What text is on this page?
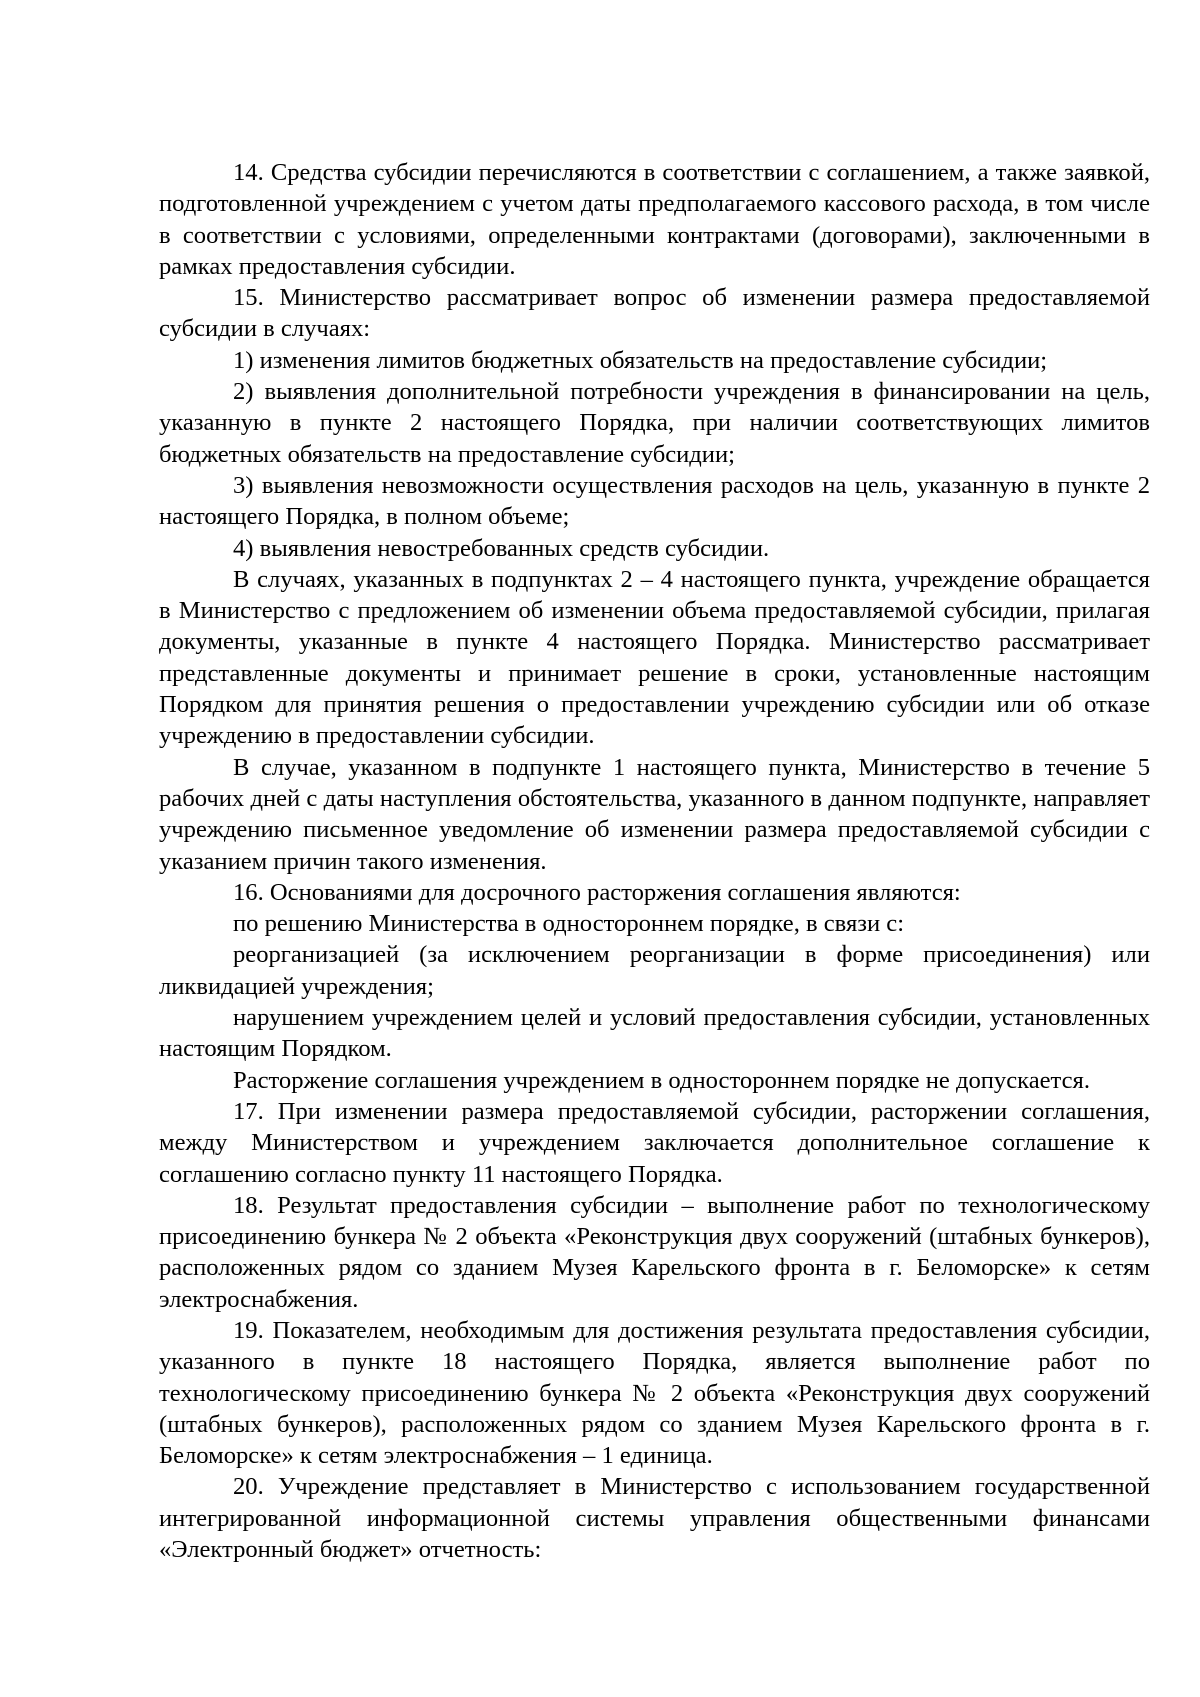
14. Средства субсидии перечисляются в соответствии с соглашением, а также заявкой, подготовленной учреждением с учетом даты предполагаемого кассового расхода, в том числе в соответствии с условиями, определенными контрактами (договорами), заключенными в рамках предоставления субсидии.

15. Министерство рассматривает вопрос об изменении размера предоставляемой субсидии в случаях:

1) изменения лимитов бюджетных обязательств на предоставление субсидии;

2) выявления дополнительной потребности учреждения в финансировании на цель, указанную в пункте 2 настоящего Порядка, при наличии соответствующих лимитов бюджетных обязательств на предоставление субсидии;

3) выявления невозможности осуществления расходов на цель, указанную в пункте 2 настоящего Порядка, в полном объеме;

4) выявления невостребованных средств субсидии.

В случаях, указанных в подпунктах 2 – 4 настоящего пункта, учреждение обращается в Министерство с предложением об изменении объема предоставляемой субсидии, прилагая документы, указанные в пункте 4 настоящего Порядка. Министерство рассматривает представленные документы и принимает решение в сроки, установленные настоящим Порядком для принятия решения о предоставлении учреждению субсидии или об отказе учреждению в предоставлении субсидии.

В случае, указанном в подпункте 1 настоящего пункта, Министерство в течение 5 рабочих дней с даты наступления обстоятельства, указанного в данном подпункте, направляет учреждению письменное уведомление об изменении размера предоставляемой субсидии с указанием причин такого изменения.

16. Основаниями для досрочного расторжения соглашения являются:

по решению Министерства в одностороннем порядке, в связи с:

реорганизацией (за исключением реорганизации в форме присоединения) или ликвидацией учреждения;

нарушением учреждением целей и условий предоставления субсидии, установленных настоящим Порядком.

Расторжение соглашения учреждением в одностороннем порядке не допускается.

17. При изменении размера предоставляемой субсидии, расторжении соглашения, между Министерством и учреждением заключается дополнительное соглашение к соглашению согласно пункту 11 настоящего Порядка.

18. Результат предоставления субсидии – выполнение работ по технологическому присоединению бункера № 2 объекта «Реконструкция двух сооружений (штабных бункеров), расположенных рядом со зданием Музея Карельского фронта в г. Беломорске» к сетям электроснабжения.

19. Показателем, необходимым для достижения результата предоставления субсидии, указанного в пункте 18 настоящего Порядка, является выполнение работ по технологическому присоединению бункера № 2 объекта «Реконструкция двух сооружений (штабных бункеров), расположенных рядом со зданием Музея Карельского фронта в г. Беломорске» к сетям электроснабжения – 1 единица.

20. Учреждение представляет в Министерство с использованием государственной интегрированной информационной системы управления общественными финансами «Электронный бюджет» отчетность:
